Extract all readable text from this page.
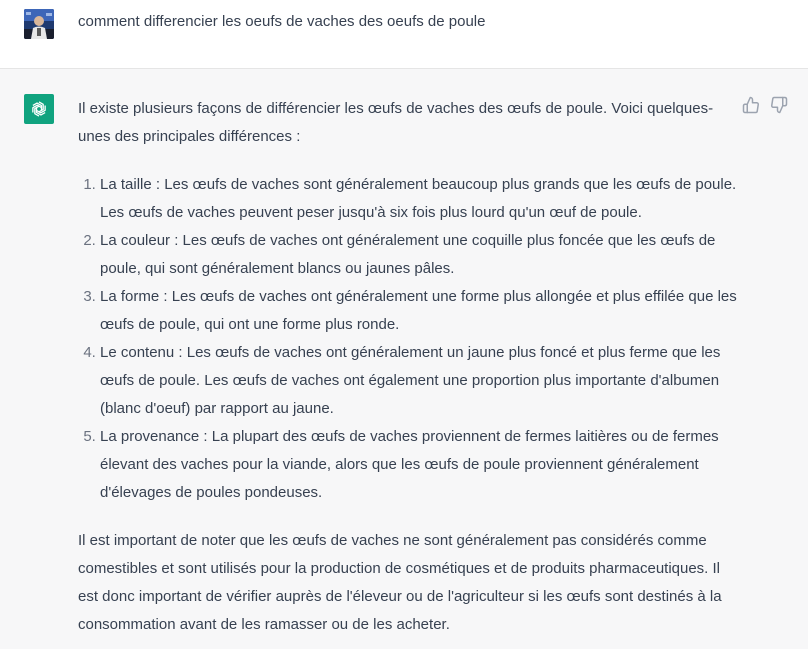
comment differencier les oeufs de vaches des oeufs de poule

Il existe plusieurs façons de différencier les œufs de vaches des œufs de poule. Voici quelques-unes des principales différences :

1. La taille : Les œufs de vaches sont généralement beaucoup plus grands que les œufs de poule. Les œufs de vaches peuvent peser jusqu'à six fois plus lourd qu'un œuf de poule.
2. La couleur : Les œufs de vaches ont généralement une coquille plus foncée que les œufs de poule, qui sont généralement blancs ou jaunes pâles.
3. La forme : Les œufs de vaches ont généralement une forme plus allongée et plus effilée que les œufs de poule, qui ont une forme plus ronde.
4. Le contenu : Les œufs de vaches ont généralement un jaune plus foncé et plus ferme que les œufs de poule. Les œufs de vaches ont également une proportion plus importante d'albumen (blanc d'oeuf) par rapport au jaune.
5. La provenance : La plupart des œufs de vaches proviennent de fermes laitières ou de fermes élevant des vaches pour la viande, alors que les œufs de poule proviennent généralement d'élevages de poules pondeuses.

Il est important de noter que les œufs de vaches ne sont généralement pas considérés comme comestibles et sont utilisés pour la production de cosmétiques et de produits pharmaceutiques. Il est donc important de vérifier auprès de l'éleveur ou de l'agriculteur si les œufs sont destinés à la consommation avant de les ramasser ou de les acheter.
